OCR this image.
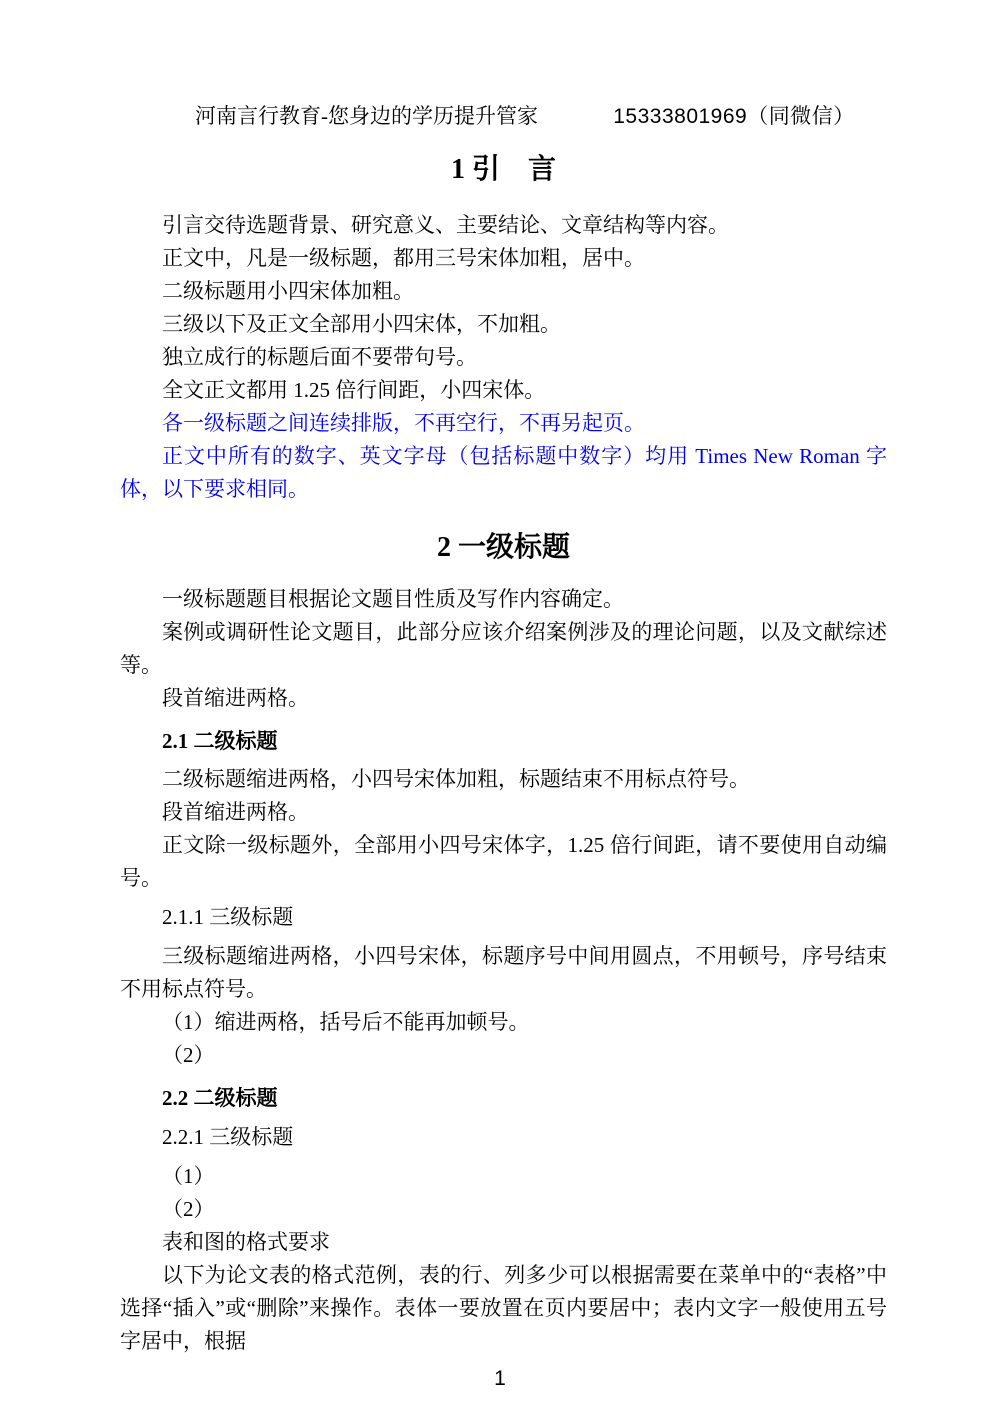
河南言行教育-您身边的学历提升管家	15333801969（同微信）
1 引　言

引言交待选题背景、研究意义、主要结论、文章结构等内容。

正文中，凡是一级标题，都用三号宋体加粗，居中。

二级标题用小四宋体加粗。

三级以下及正文全部用小四宋体，不加粗。

独立成行的标题后面不要带句号。

全文正文都用 1.25 倍行间距，小四宋体。

各一级标题之间连续排版，不再空行，不再另起页。

正文中所有的数字、英文字母（包括标题中数字）均用 Times New Roman 字体，以下要求相同。

2 一级标题

一级标题题目根据论文题目性质及写作内容确定。

案例或调研性论文题目，此部分应该介绍案例涉及的理论问题，以及文献综述等。

段首缩进两格。

2.1 二级标题

二级标题缩进两格，小四号宋体加粗，标题结束不用标点符号。

段首缩进两格。

正文除一级标题外，全部用小四号宋体字，1.25 倍行间距，请不要使用自动编号。

2.1.1 三级标题

三级标题缩进两格，小四号宋体，标题序号中间用圆点，不用顿号，序号结束不用标点符号。

（1）缩进两格，括号后不能再加顿号。

（2）

2.2 二级标题
2.2.1 三级标题

（1）

（2）

表和图的格式要求

以下为论文表的格式范例，表的行、列多少可以根据需要在菜单中的“表格”中选择“插入”或“删除”来操作。表体一要放置在页内要居中；表内文字一般使用五号字居中，根据

1
